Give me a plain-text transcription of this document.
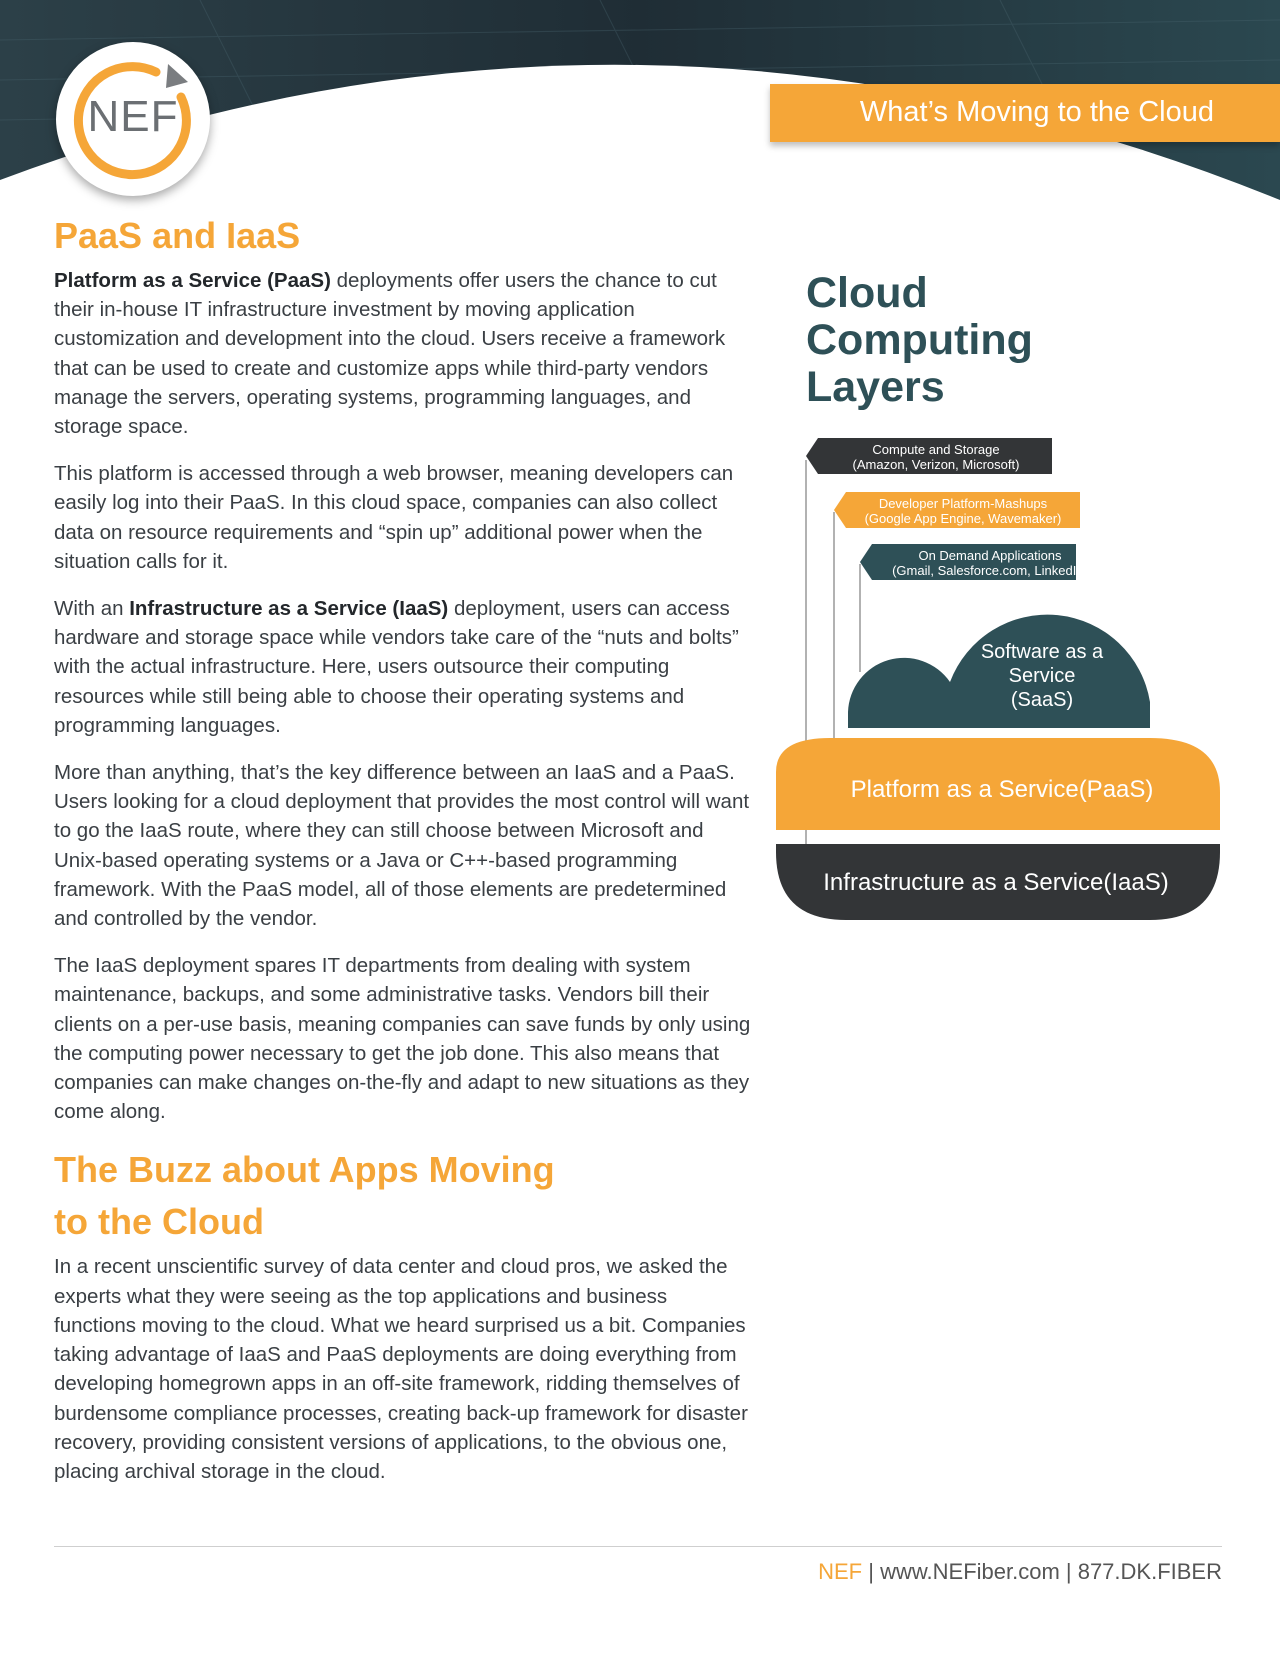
NEF	What’s Moving to the Cloud
PaaS and IaaS

Platform as a Service (PaaS) deployments offer users the chance to cut their in-house IT infrastructure investment by moving application customization and development into the cloud. Users receive a framework that can be used to create and customize apps while third-party vendors manage the servers, operating systems, programming languages, and storage space.

This platform is accessed through a web browser, meaning developers can easily log into their PaaS. In this cloud space, companies can also collect data on resource requirements and “spin up” additional power when the situation calls for it.

With an Infrastructure as a Service (IaaS) deployment, users can access hardware and storage space while vendors take care of the “nuts and bolts” with the actual infrastructure. Here, users outsource their computing resources while still being able to choose their operating systems and programming languages.

More than anything, that’s the key difference between an IaaS and a PaaS. Users looking for a cloud deployment that provides the most control will want to go the IaaS route, where they can still choose between Microsoft and Unix-based operating systems or a Java or C++-based programming framework. With the PaaS model, all of those elements are predetermined and controlled by the vendor.

The IaaS deployment spares IT departments from dealing with system maintenance, backups, and some administrative tasks. Vendors bill their clients on a per-use basis, meaning companies can save funds by only using the computing power necessary to get the job done. This also means that companies can make changes on-the-fly and adapt to new situations as they come along.

The Buzz about Apps Moving
to the Cloud

In a recent unscientific survey of data center and cloud pros, we asked the experts what they were seeing as the top applications and business functions moving to the cloud. What we heard surprised us a bit. Companies taking advantage of IaaS and PaaS deployments are doing everything from developing homegrown apps in an off-site framework, ridding themselves of burdensome compliance processes, creating back-up framework for disaster recovery, providing consistent versions of applications, to the obvious one, placing archival storage in the cloud.

Cloud Computing Layers
Compute and Storage
(Amazon, Verizon, Microsoft)
Developer Platform-Mashups
(Google App Engine, Wavemaker)
On Demand Applications
(Gmail, Salesforce.com, LinkedIn)
Software as a
Service
(SaaS)
Platform as a Service(PaaS)
Infrastructure as a Service(IaaS)
NEF | www.NEFiber.com | 877.DK.FIBER
